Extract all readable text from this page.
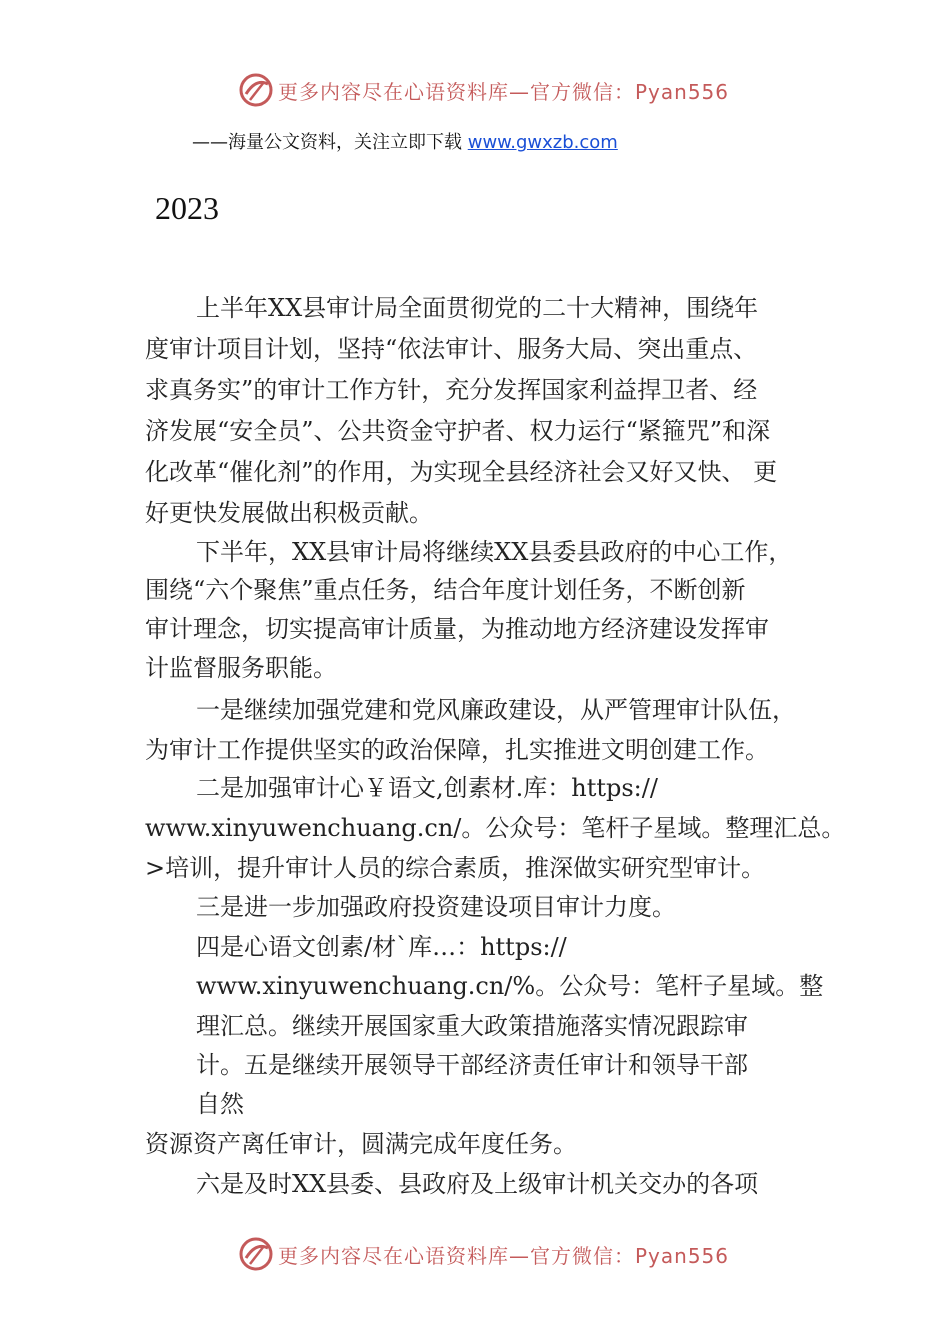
更多内容尽在心语资料库—官方微信：Pyan556
——海量公文资料，关注立即下载 www.gwxzb.com
2023
上半年XX县审计局全面贯彻党的二十大精神，围绕年
度审计项目计划，坚持“依法审计、服务大局、突出重点、
求真务实”的审计工作方针，充分发挥国家利益捍卫者、经
济发展“安全员”、公共资金守护者、权力运行“紧箍咒”和深
化改革“催化剂”的作用，为实现全县经济社会又好又快、 更
好更快发展做出积极贡献。
下半年，XX县审计局将继续XX县委县政府的中心工作，
围绕“六个聚焦”重点任务，结合年度计划任务，不断创新
审计理念，切实提高审计质量，为推动地方经济建设发挥审
计监督服务职能。
一是继续加强党建和党风廉政建设，从严管理审计队伍，
为审计工作提供坚实的政治保障，扎实推进文明创建工作。
二是加强审计心￥语文,创素材.库：https://
www.xinyuwenchuang.cn/。公众号：笔杆子星域。整理汇总。
>培训，提升审计人员的综合素质，推深做实研究型审计。
三是进一步加强政府投资建设项目审计力度。
四是心语文创素/材`库…：https://
www.xinyuwenchuang.cn/%。公众号：笔杆子星域。整
理汇总。继续开展国家重大政策措施落实情况跟踪审
计。五是继续开展领导干部经济责任审计和领导干部
自然
资源资产离任审计，圆满完成年度任务。
六是及时XX县委、县政府及上级审计机关交办的各项
更多内容尽在心语资料库—官方微信：Pyan556
